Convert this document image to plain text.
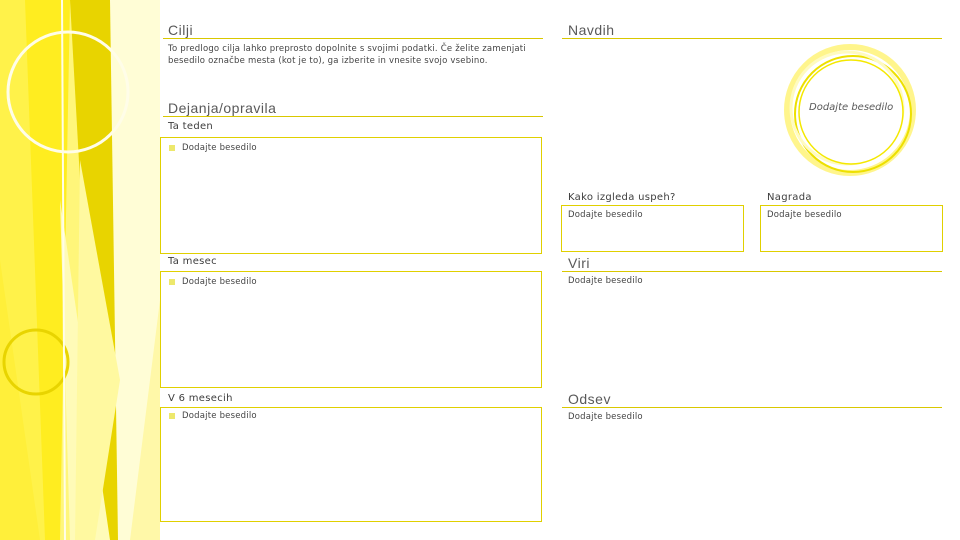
Cilji
To predlogo cilja lahko preprosto dopolnite s svojimi podatki. Če želite zamenjati
besedilo označbe mesta (kot je to), ga izberite in vnesite svojo vsebino.
Dejanja/opravila
Ta teden
Dodajte besedilo
Ta mesec
Dodajte besedilo
V 6 mesecih
Dodajte besedilo
Navdih
Dodajte besedilo
Kako izgleda uspeh?
Dodajte besedilo
Nagrada
Dodajte besedilo
Viri
Dodajte besedilo
Odsev
Dodajte besedilo
